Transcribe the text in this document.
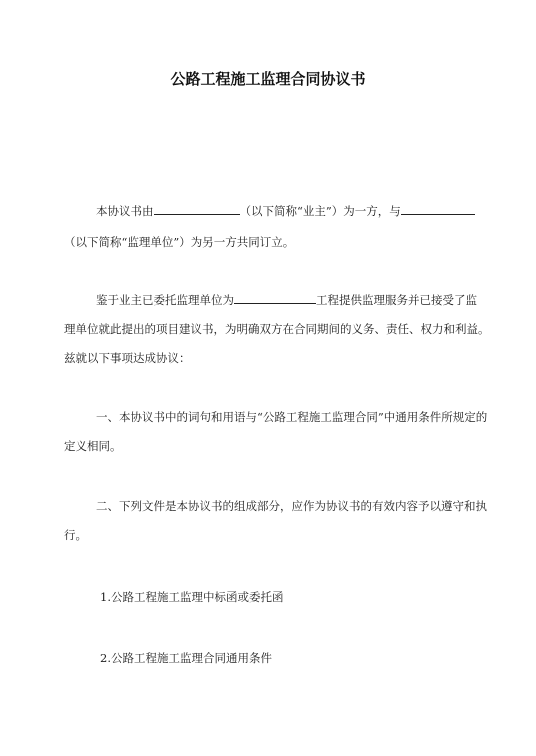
公路工程施工监理合同协议书
本协议书由	（以下简称“业主”）为一方，与
（以下简称“监理单位”）为另一方共同订立。
鉴于业主已委托监理单位为	工程提供监理服务并已接受了监
理单位就此提出的项目建议书，为明确双方在合同期间的义务、责任、权力和利益。
兹就以下事项达成协议：
一、本协议书中的词句和用语与“公路工程施工监理合同”中通用条件所规定的
定义相同。
二、下列文件是本协议书的组成部分，应作为协议书的有效内容予以遵守和执
行。
1.公路工程施工监理中标函或委托函
2.公路工程施工监理合同通用条件
